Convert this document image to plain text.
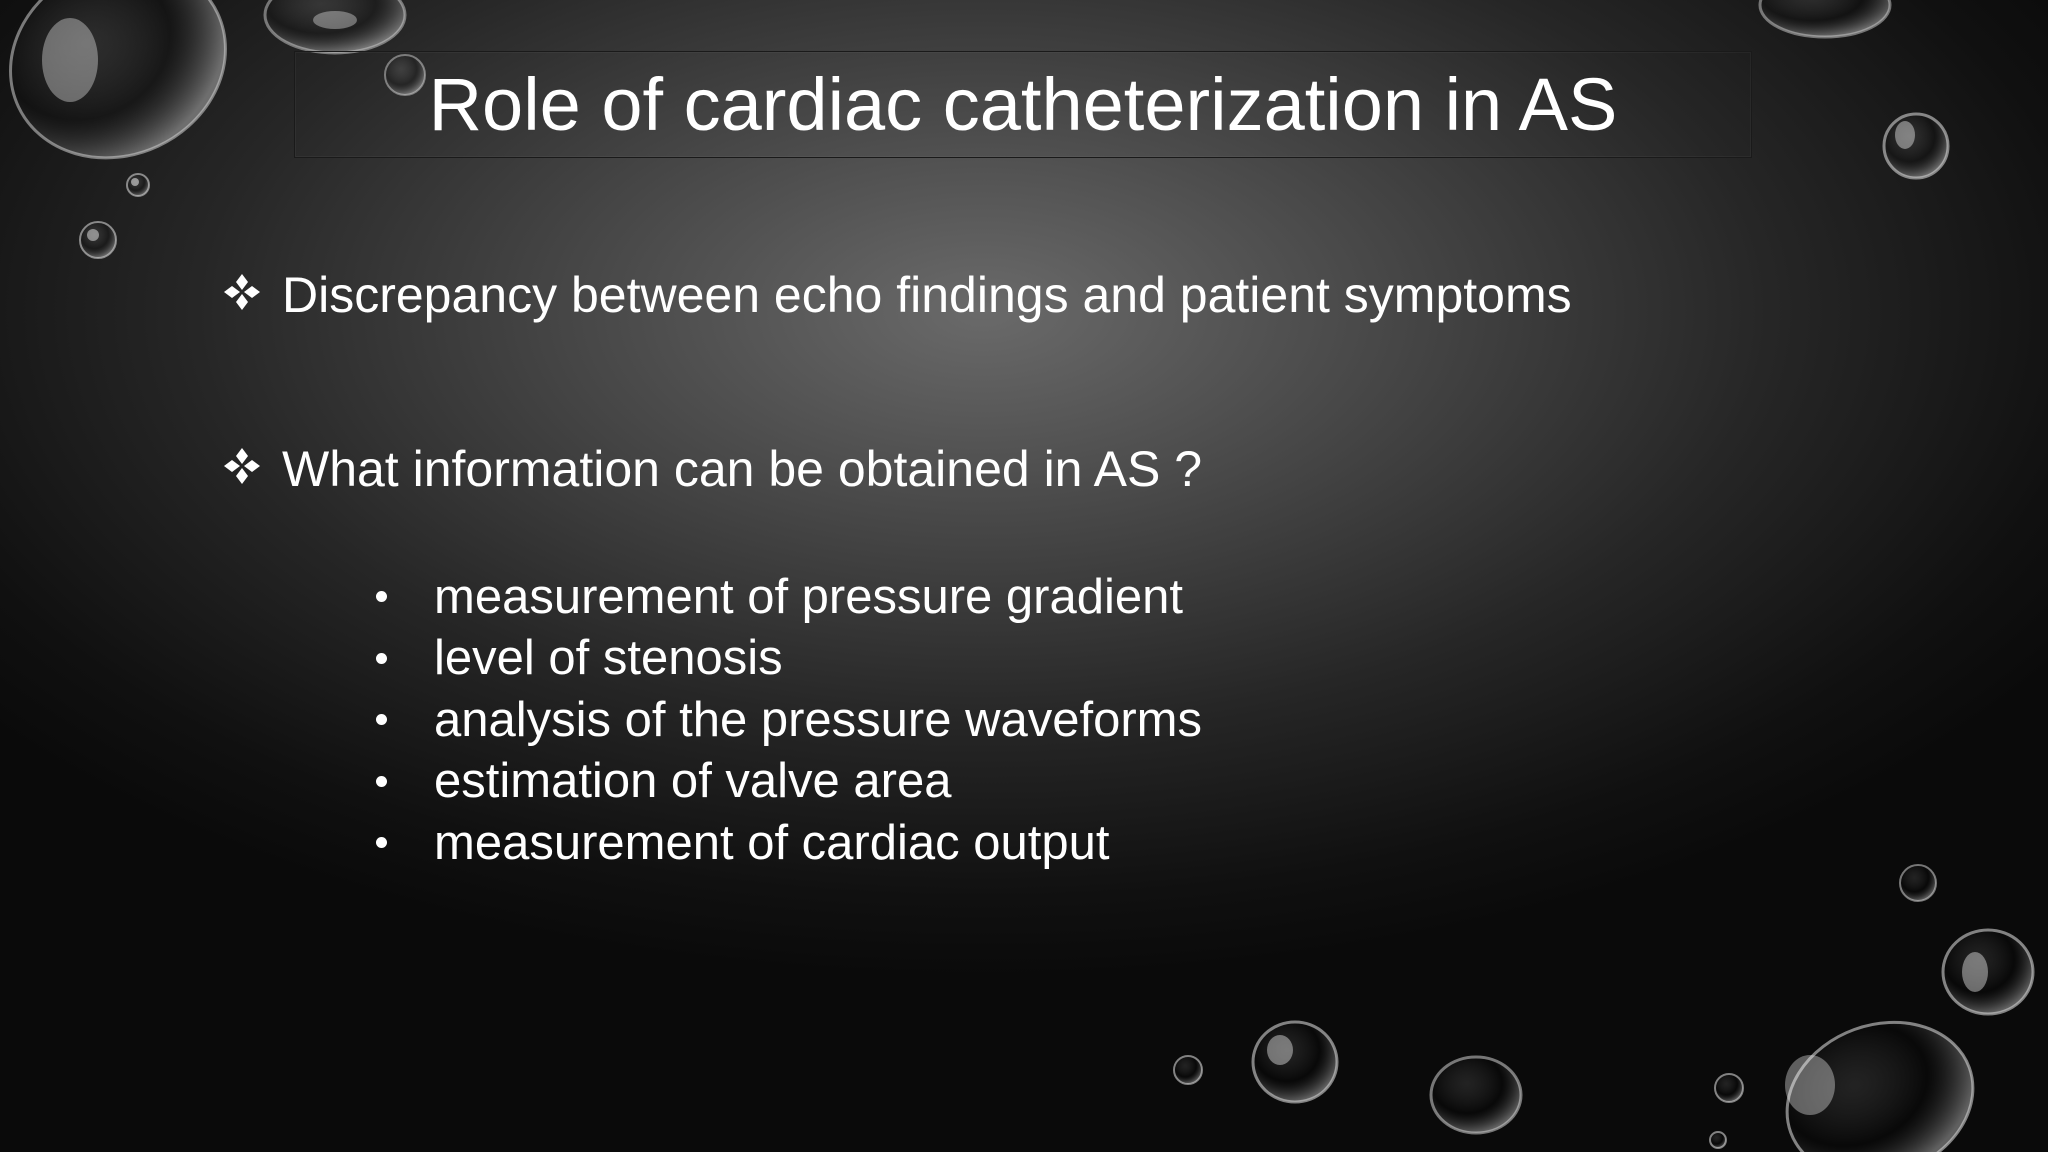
Role of cardiac catheterization in AS
Discrepancy between echo findings and patient symptoms
What information can be obtained in AS ?
measurement of pressure gradient
level of stenosis
analysis of the pressure waveforms
estimation of valve area
measurement of cardiac output
